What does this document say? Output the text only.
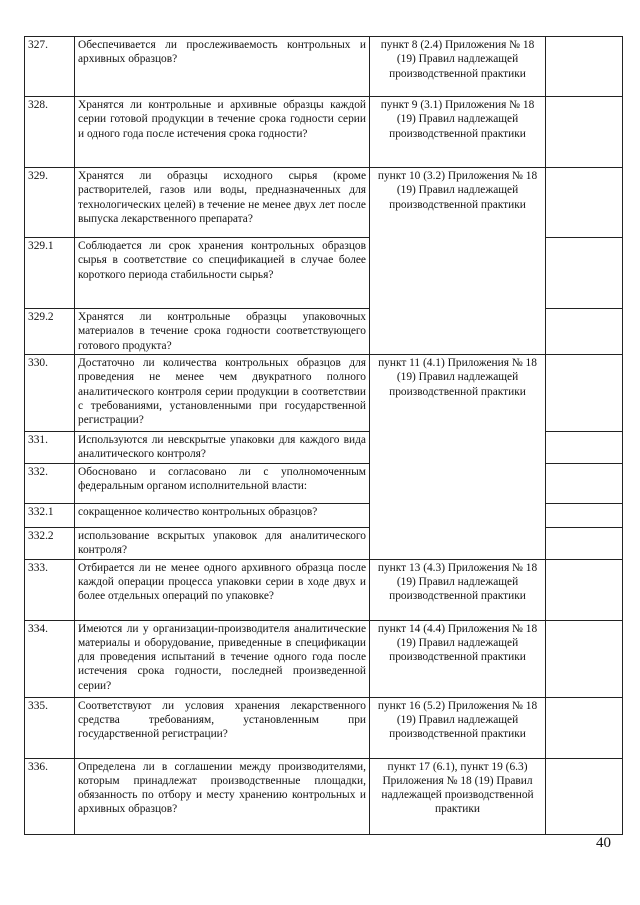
327.	Обеспечивается ли прослеживаемость контрольных и архивных образцов?	пункт 8 (2.4) Приложения № 18 (19) Правил надлежащей производственной практики	
328.	Хранятся ли контрольные и архивные образцы каждой серии готовой продукции в течение срока годности серии и одного года после истечения срока годности?	пункт 9 (3.1) Приложения № 18 (19) Правил надлежащей производственной практики	
329.	Хранятся ли образцы исходного сырья (кроме растворителей, газов или воды, предназначенных для технологических целей) в течение не менее двух лет после выпуска лекарственного препарата?	пункт 10 (3.2) Приложения № 18 (19) Правил надлежащей производственной практики	
329.1	Соблюдается ли срок хранения контрольных образцов сырья в соответствие со спецификацией в случае более короткого периода стабильности сырья?		
329.2	Хранятся ли контрольные образцы упаковочных материалов в течение срока годности соответствующего готового продукта?		
330.	Достаточно ли количества контрольных образцов для проведения не менее чем двукратного полного аналитического контроля серии продукции в соответствии с требованиями, установленными при государственной регистрации?	пункт 11 (4.1) Приложения № 18 (19) Правил надлежащей производственной практики	
331.	Используются ли невскрытые упаковки для каждого вида аналитического контроля?		
332.	Обосновано и согласовано ли с уполномоченным федеральным органом исполнительной власти:		
332.1	сокращенное количество контрольных образцов?		
332.2	использование вскрытых упаковок для аналитического контроля?		
333.	Отбирается ли не менее одного архивного образца после каждой операции процесса упаковки серии в ходе двух и более отдельных операций по упаковке?	пункт 13 (4.3) Приложения № 18 (19) Правил надлежащей производственной практики	
334.	Имеются ли у организации-производителя аналитические материалы и оборудование, приведенные в спецификации для проведения испытаний в течение одного года после истечения срока годности, последней произведенной серии?	пункт 14 (4.4) Приложения № 18 (19) Правил надлежащей производственной практики	
335.	Соответствуют ли условия хранения лекарственного средства требованиям, установленным при государственной регистрации?	пункт 16 (5.2) Приложения № 18 (19) Правил надлежащей производственной практики	
336.	Определена ли в соглашении между производителями, которым принадлежат производственные площадки, обязанность по отбору и месту хранению контрольных и архивных образцов?	пункт 17 (6.1), пункт 19 (6.3) Приложения № 18 (19) Правил надлежащей производственной практики	
40
